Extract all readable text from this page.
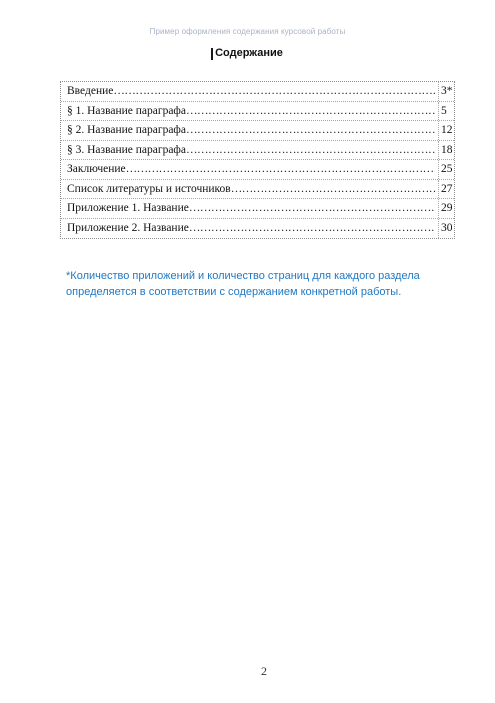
Пример оформления содержания курсовой работы
Содержание
Введение ……………………………………………………………………………………………………	3*
§ 1. Название параграфа ……………………………………………………………………………………………………	5
§ 2. Название параграфа ……………………………………………………………………………………………………	12
§ 3. Название параграфа ……………………………………………………………………………………………………	18
Заключение ……………………………………………………………………………………………………	25
Список литературы и источников ……………………………………………………………………………………………………	27
Приложение 1. Название ……………………………………………………………………………………………………	29
Приложение 2. Название ……………………………………………………………………………………………………	30
*Количество приложений и количество страниц для каждого раздела
определяется в соответствии с содержанием конкретной работы.
2
